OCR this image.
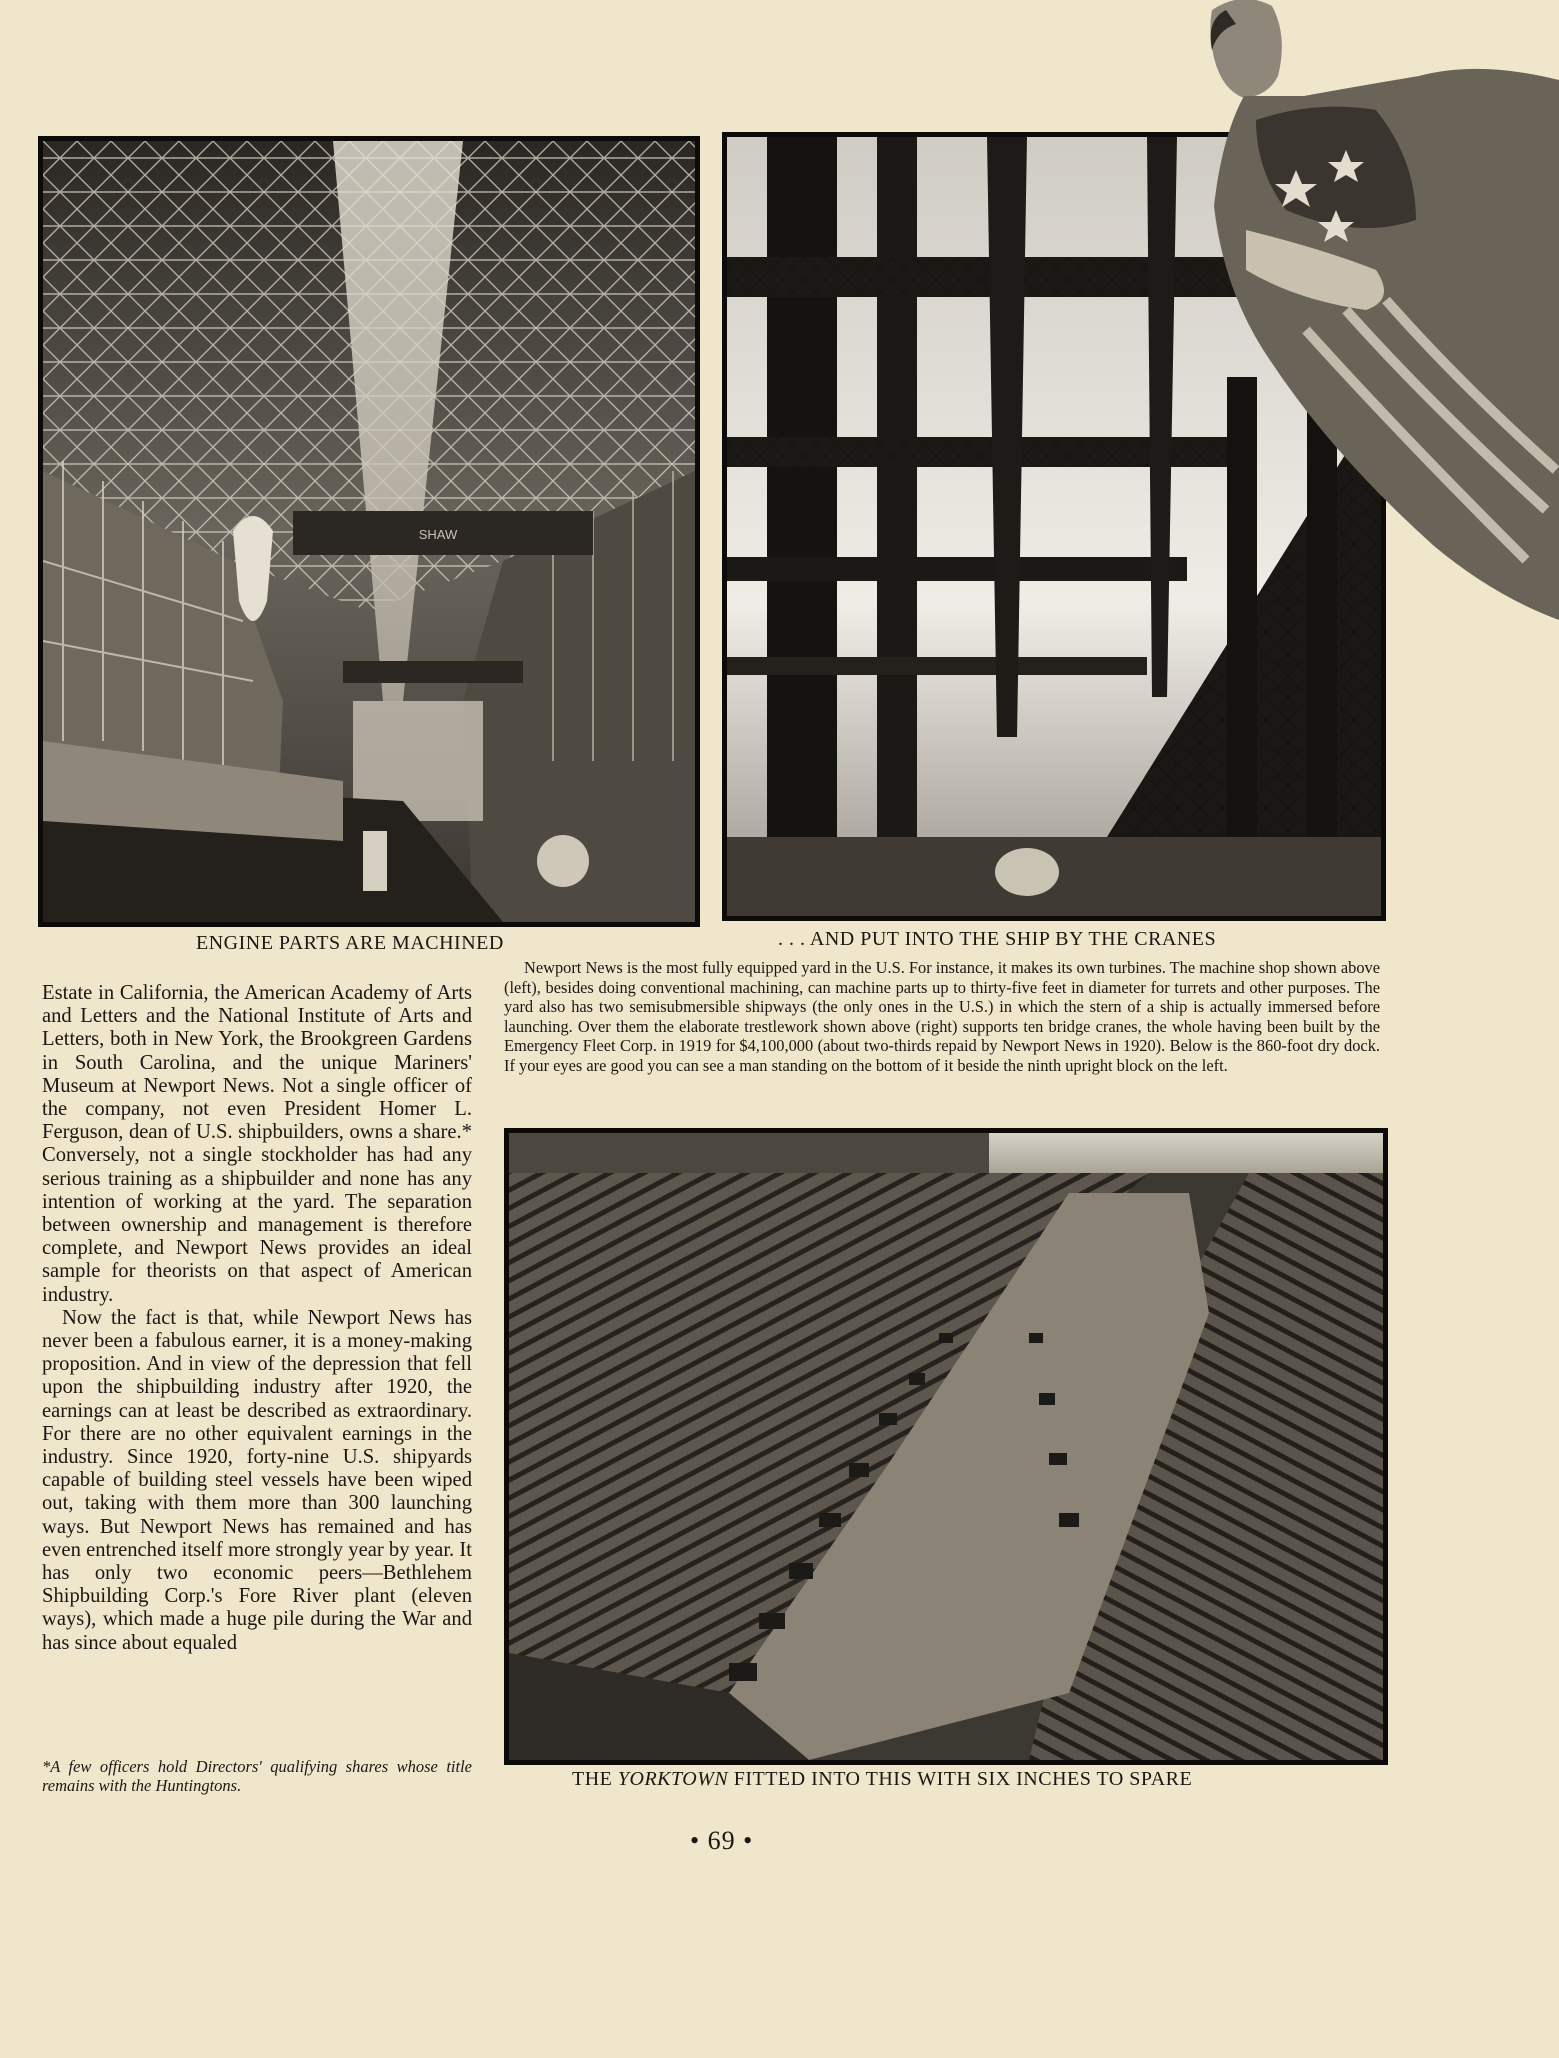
SHAW
ENGINE PARTS ARE MACHINED	. . . AND PUT INTO THE SHIP BY THE CRANES
Newport News is the most fully equipped yard in the U.S. For instance, it makes its own turbines. The machine shop shown above (left), besides doing conventional machining, can machine parts up to thirty-five feet in diameter for turrets and other purposes. The yard also has two semisubmersible shipways (the only ones in the U.S.) in which the stern of a ship is actually immersed before launching. Over them the elaborate trestlework shown above (right) supports ten bridge cranes, the whole having been built by the Emergency Fleet Corp. in 1919 for $4,100,000 (about two-thirds repaid by Newport News in 1920). Below is the 860-foot dry dock. If your eyes are good you can see a man standing on the bottom of it beside the ninth upright block on the left.
THE YORKTOWN FITTED INTO THIS WITH SIX INCHES TO SPARE

Estate in California, the American Academy of Arts and Letters and the National Institute of Arts and Letters, both in New York, the Brookgreen Gardens in South Carolina, and the unique Mariners' Museum at Newport News. Not a single officer of the company, not even President Homer L. Ferguson, dean of U.S. shipbuilders, owns a share.* Conversely, not a single stockholder has had any serious training as a shipbuilder and none has any intention of working at the yard. The separation between ownership and management is therefore complete, and Newport News provides an ideal sample for theorists on that aspect of American industry.

Now the fact is that, while Newport News has never been a fabulous earner, it is a money-making proposition. And in view of the depression that fell upon the shipbuilding industry after 1920, the earnings can at least be described as extraordinary. For there are no other equivalent earnings in the industry. Since 1920, forty-nine U.S. shipyards capable of building steel vessels have been wiped out, taking with them more than 300 launching ways. But Newport News has remained and has even entrenched itself more strongly year by year. It has only two economic peers—Bethlehem Shipbuilding Corp.'s Fore River plant (eleven ways), which made a huge pile during the War and has since about equaled

*A few officers hold Directors' qualifying shares whose title remains with the Huntingtons.
• 69 •
